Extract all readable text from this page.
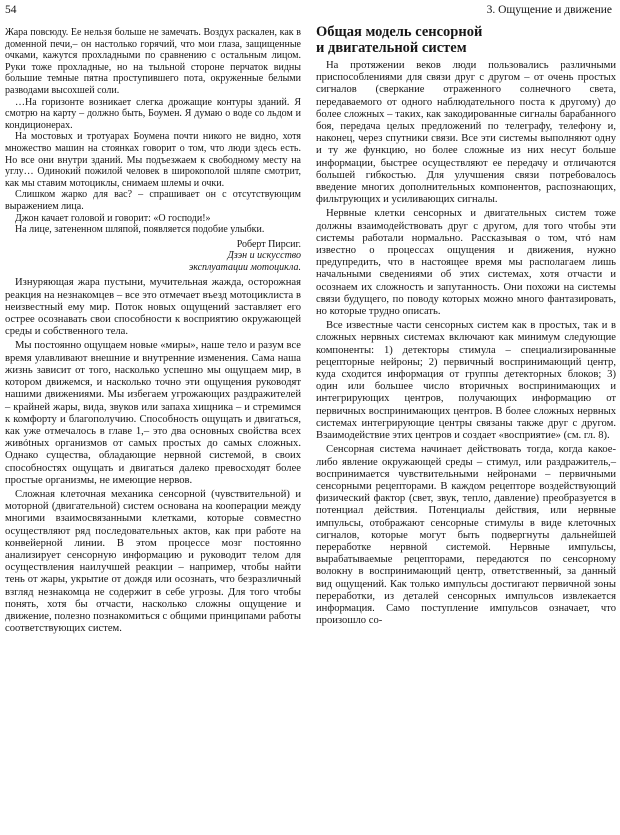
54	3. Ощущение и движение

Жара повсюду. Ее нельзя больше не замечать. Воздух раскален, как в доменной печи,– он настолько горячий, что мои глаза, защищенные очками, кажутся прохладными по сравнению с остальным лицом. Руки тоже прохладные, но на тыльной стороне перчаток видны большие темные пятна проступившего пота, окруженные белыми разводами высохшей соли.

…На горизонте возникает слегка дрожащие контуры зданий. Я смотрю на карту – должно быть, Боумен. Я думаю о воде со льдом и кондиционерах.

На мостовых и тротуарах Боумена почти никого не видно, хотя множество машин на стоянках говорит о том, что люди здесь есть. Но все они внутри зданий. Мы подъезжаем к свободному месту на углу… Одинокий пожилой человек в широкополой шляпе смотрит, как мы ставим мотоциклы, снимаем шлемы и очки.

Слишком жарко для вас? – спрашивает он с отсутствующим выражением лица.

Джон качает головой и говорит: «О господи!»

На лице, затененном шляпой, появляется подобие улыбки.

Роберт Пирсиг.
Дзэн и искусство
эксплуатации мотоцикла.

Изнуряющая жара пустыни, мучительная жажда, осторожная реакция на незнакомцев – все это отмечает въезд мотоциклиста в неизвестный ему мир. Поток новых ощущений заставляет его острее осознавать свои способности к восприятию окружающей среды и собственного тела.

Мы постоянно ощущаем новые «миры», наше тело и разум все время улавливают внешние и внутренние изменения. Сама наша жизнь зависит от того, насколько успешно мы ощущаем мир, в котором движемся, и насколько точно эти ощущения руководят нашими движениями. Мы избегаем угрожающих раздражителей – крайней жары, вида, звуков или запаха хищника – и стремимся к комфорту и благополучию. Способность ощущать и двигаться, как уже отмечалось в главе 1,– это два основных свойства всех живótных организмов от самых простых до самых сложных. Однако существа, обладающие нервной системой, в своих способностях ощущать и двигаться далеко превосходят более простые организмы, не имеющие нервов.

Сложная клеточная механика сенсорной (чувствительной) и моторной (двигательной) систем основана на кооперации между многими взаимосвязанными клетками, которые совместно осуществляют ряд последовательных актов, как при работе на конвейерной линии. В этом процессе мозг постоянно анализирует сенсорную информацию и руководит телом для осуществления наилучшей реакции – например, чтобы найти тень от жары, укрытие от дождя или осознать, что безразличный взгляд незнакомца не содержит в себе угрозы. Для того чтобы понять, хотя бы отчасти, насколько сложны ощущение и движение, полезно познакомиться с общими принципами работы соответствующих систем.

Общая модель сенсорной
и двигательной систем

На протяжении веков люди пользовались различными приспособлениями для связи друг с другом – от очень простых сигналов (сверкание отраженного солнечного света, передаваемого от одного наблюдательного поста к другому) до более сложных – таких, как закодированные сигналы барабанного боя, передача целых предложений по телеграфу, телефону и, наконец, через спутники связи. Все эти системы выполняют одну и ту же функцию, но более сложные из них несут больше информации, быстрее осуществляют ее передачу и отличаются большей гибкостью. Для улучшения связи потребовалось введение многих дополнительных компонентов, распознающих, фильтрующих и усиливающих сигналы.

Нервные клетки сенсорных и двигательных систем тоже должны взаимодействовать друг с другом, для того чтобы эти системы работали нормально. Рассказывая о том, чтó нам известно о процессах ощущения и движения, нужно предупредить, что в настоящее время мы располагаем лишь начальными сведениями об этих системах, хотя отчасти и осознаем их сложность и запутанность. Они похожи на системы связи будущего, по поводу которых можно много фантазировать, но которые трудно описать.

Все известные части сенсорных систем как в простых, так и в сложных нервных системах включают как минимум следующие компоненты: 1) детекторы стимула – специализированные рецепторные нейроны; 2) первичный воспринимающий центр, куда сходится информация от группы детекторных блоков; 3) один или большее число вторичных воспринимающих и интегрирующих центров, получающих информацию от первичных воспринимающих центров. В более сложных нервных системах интегрирующие центры связаны также друг с другом. Взаимодействие этих центров и создает «восприятие» (см. гл. 8).

Сенсорная система начинает действовать тогда, когда какое-либо явление окружающей среды – стимул, или раздражитель,– воспринимается чувствительными нейронами – первичными сенсорными рецепторами. В каждом рецепторе воздействующий физический фактор (свет, звук, тепло, давление) преобразуется в потенциал действия. Потенциалы действия, или нервные импульсы, отображают сенсорные стимулы в виде клеточных сигналов, которые могут быть подвергнуты дальнейшей переработке нервной системой. Нервные импульсы, вырабатываемые рецепторами, передаются по сенсорному волокну в воспринимающий центр, ответственный, за данный вид ощущений. Как только импульсы достигают первичной зоны переработки, из деталей сенсорных импульсов извлекается информация. Само поступление импульсов означает, что произошло со-
